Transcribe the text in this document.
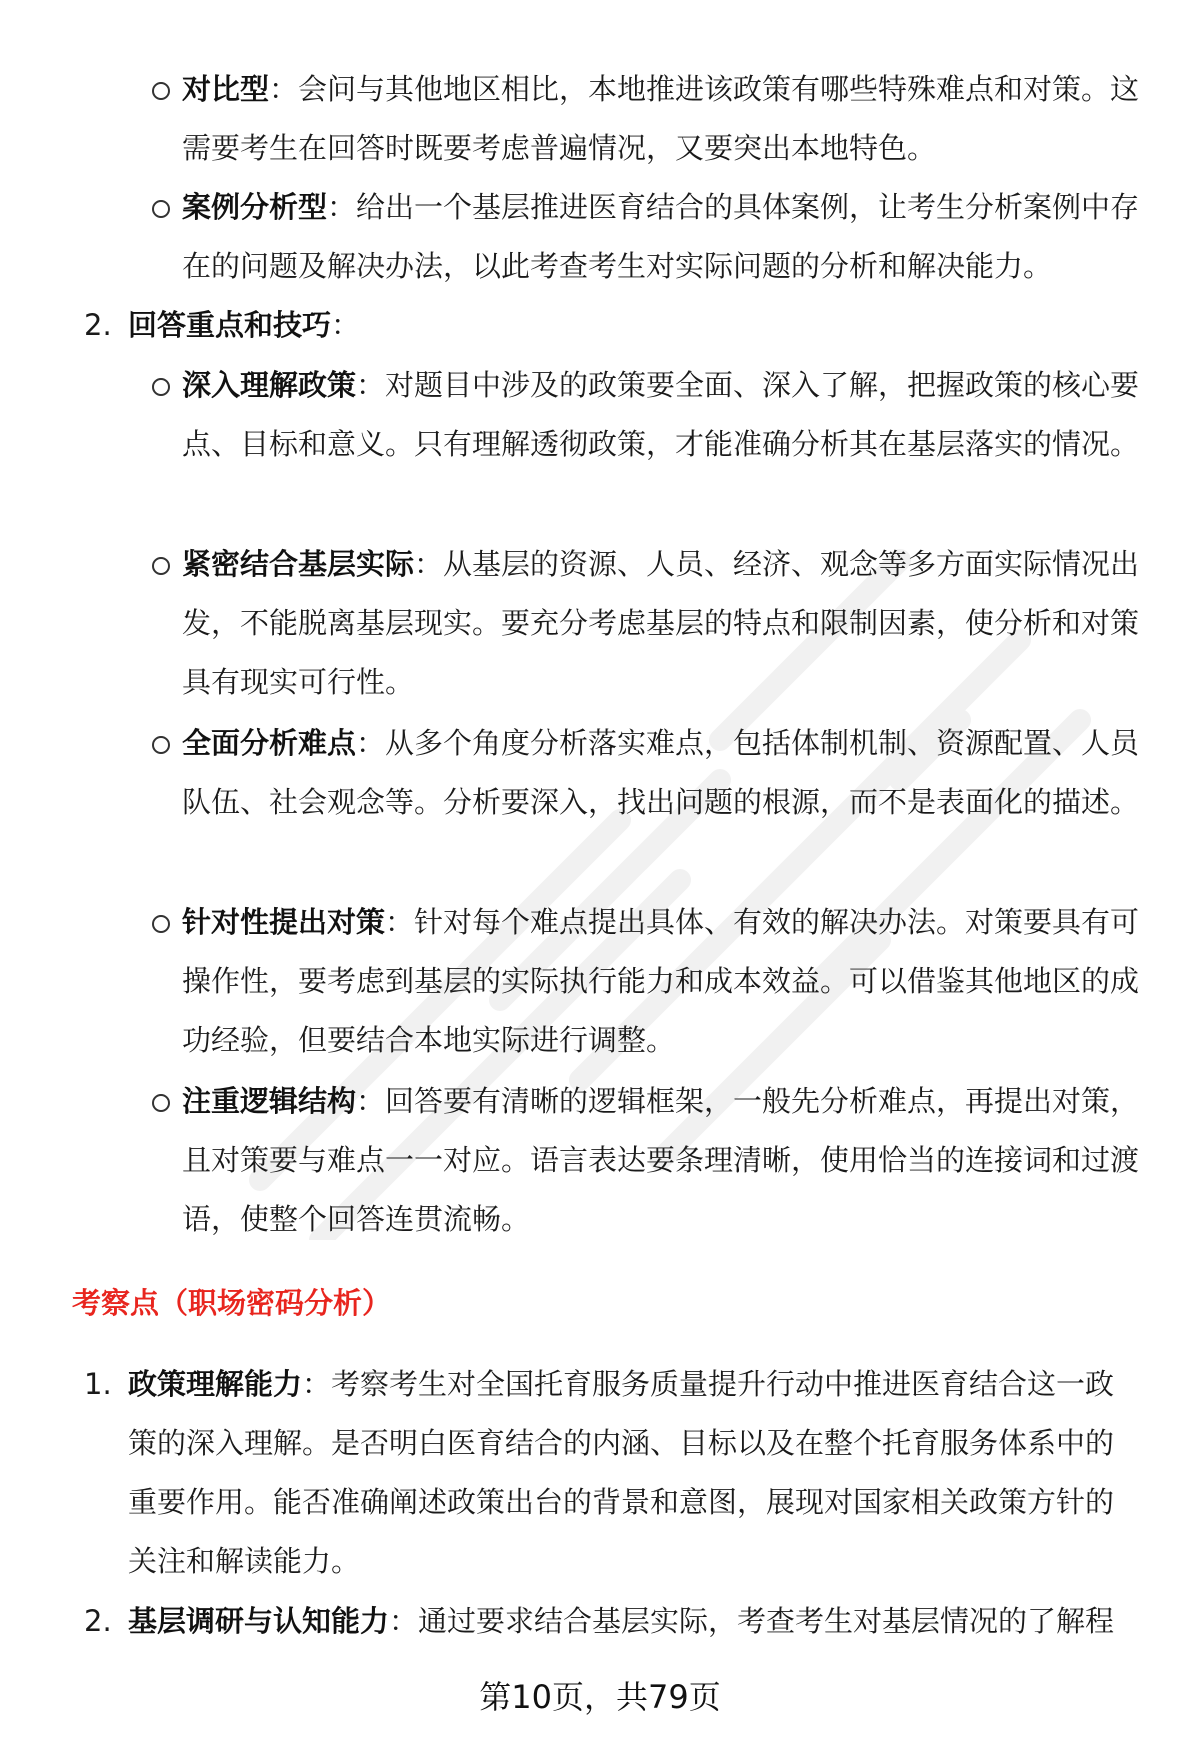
对比型：会问与其他地区相比，本地推进该政策有哪些特殊难点和对策。这需要考生在回答时既要考虑普遍情况，又要突出本地特色。
案例分析型：给出一个基层推进医育结合的具体案例，让考生分析案例中存在的问题及解决办法，以此考查考生对实际问题的分析和解决能力。
2. 回答重点和技巧：
深入理解政策：对题目中涉及的政策要全面、深入了解，把握政策的核心要点、目标和意义。只有理解透彻政策，才能准确分析其在基层落实的情况。
紧密结合基层实际：从基层的资源、人员、经济、观念等多方面实际情况出发，不能脱离基层现实。要充分考虑基层的特点和限制因素，使分析和对策具有现实可行性。
全面分析难点：从多个角度分析落实难点，包括体制机制、资源配置、人员队伍、社会观念等。分析要深入，找出问题的根源，而不是表面化的描述。
针对性提出对策：针对每个难点提出具体、有效的解决办法。对策要具有可操作性，要考虑到基层的实际执行能力和成本效益。可以借鉴其他地区的成功经验，但要结合本地实际进行调整。
注重逻辑结构：回答要有清晰的逻辑框架，一般先分析难点，再提出对策，且对策要与难点一一对应。语言表达要条理清晰，使用恰当的连接词和过渡语，使整个回答连贯流畅。
考察点（职场密码分析）
1. 政策理解能力：考察考生对全国托育服务质量提升行动中推进医育结合这一政策的深入理解。是否明白医育结合的内涵、目标以及在整个托育服务体系中的重要作用。能否准确阐述政策出台的背景和意图，展现对国家相关政策方针的关注和解读能力。
2. 基层调研与认知能力：通过要求结合基层实际，考查考生对基层情况的了解程
第10页，共79页
